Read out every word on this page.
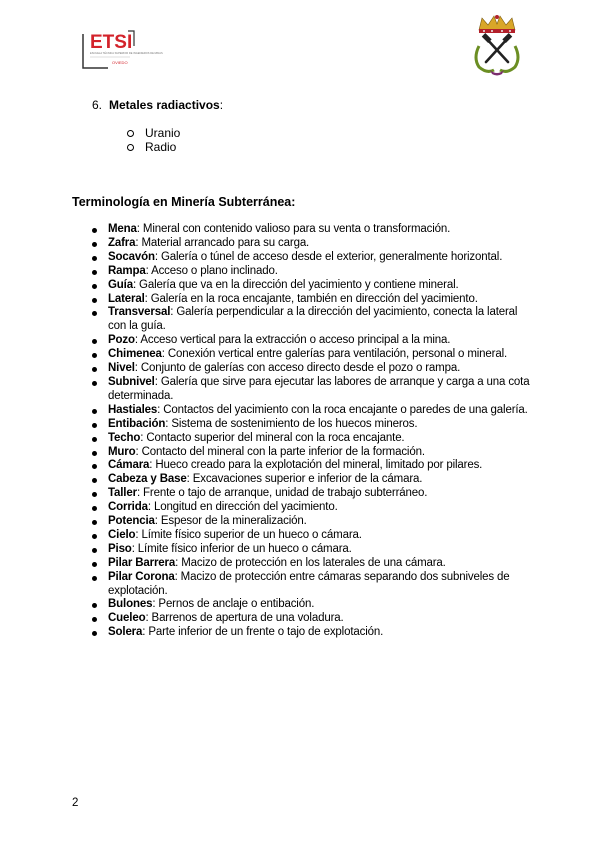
ETSI
ESCUELA TÉCNICA SUPERIOR DE INGENIEROS DE MINAS
OVIEDO
6. Metales radiactivos:
Uranio
Radio
Terminología en Minería Subterránea:
Mena: Mineral con contenido valioso para su venta o transformación.
Zafra: Material arrancado para su carga.
Socavón: Galería o túnel de acceso desde el exterior, generalmente horizontal.
Rampa: Acceso o plano inclinado.
Guía: Galería que va en la dirección del yacimiento y contiene mineral.
Lateral: Galería en la roca encajante, también en dirección del yacimiento.
Transversal: Galería perpendicular a la dirección del yacimiento, conecta la lateral con la guía.
Pozo: Acceso vertical para la extracción o acceso principal a la mina.
Chimenea: Conexión vertical entre galerías para ventilación, personal o mineral.
Nivel: Conjunto de galerías con acceso directo desde el pozo o rampa.
Subnivel: Galería que sirve para ejecutar las labores de arranque y carga a una cota determinada.
Hastiales: Contactos del yacimiento con la roca encajante o paredes de una galería.
Entibación: Sistema de sostenimiento de los huecos mineros.
Techo: Contacto superior del mineral con la roca encajante.
Muro: Contacto del mineral con la parte inferior de la formación.
Cámara: Hueco creado para la explotación del mineral, limitado por pilares.
Cabeza y Base: Excavaciones superior e inferior de la cámara.
Taller: Frente o tajo de arranque, unidad de trabajo subterráneo.
Corrida: Longitud en dirección del yacimiento.
Potencia: Espesor de la mineralización.
Cielo: Límite físico superior de un hueco o cámara.
Piso: Límite físico inferior de un hueco o cámara.
Pilar Barrera: Macizo de protección en los laterales de una cámara.
Pilar Corona: Macizo de protección entre cámaras separando dos subniveles de explotación.
Bulones: Pernos de anclaje o entibación.
Cueleo: Barrenos de apertura de una voladura.
Solera: Parte inferior de un frente o tajo de explotación.
2
